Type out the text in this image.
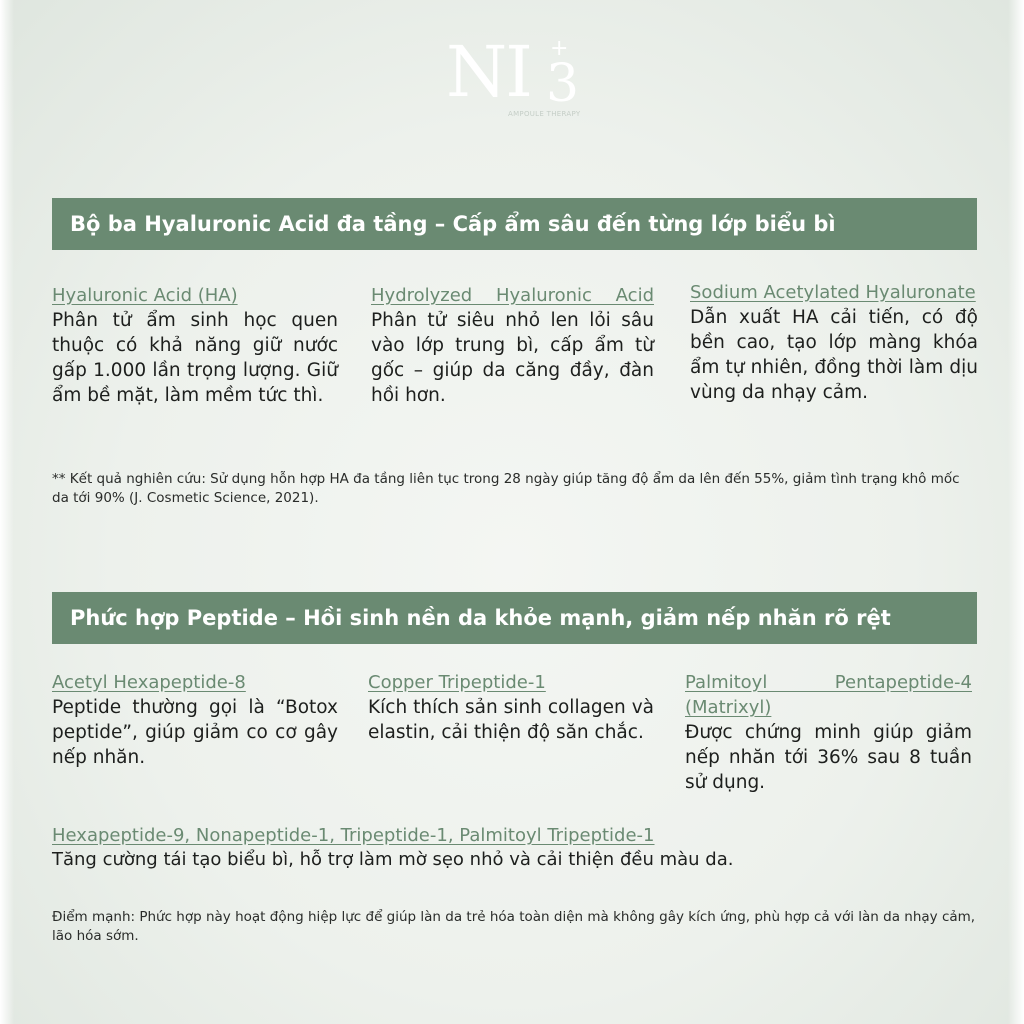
NI +
3
AMPOULE THERAPY
Bộ ba Hyaluronic Acid đa tầng – Cấp ẩm sâu đến từng lớp biểu bì
Hyaluronic Acid (HA)
Phân tử ẩm sinh học quen thuộc có khả năng giữ nước gấp 1.000 lần trọng lượng. Giữ ẩm bề mặt, làm mềm tức thì.
Hydrolyzed Hyaluronic Acid
Phân tử siêu nhỏ len lỏi sâu vào lớp trung bì, cấp ẩm từ gốc – giúp da căng đầy, đàn hồi hơn.
Sodium Acetylated Hyaluronate
Dẫn xuất HA cải tiến, có độ bền cao, tạo lớp màng khóa ẩm tự nhiên, đồng thời làm dịu vùng da nhạy cảm.
** Kết quả nghiên cứu: Sử dụng hỗn hợp HA đa tầng liên tục trong 28 ngày giúp tăng độ ẩm da lên đến 55%, giảm tình trạng khô mốc da tới 90% (J. Cosmetic Science, 2021).
Phức hợp Peptide – Hồi sinh nền da khỏe mạnh, giảm nếp nhăn rõ rệt
Acetyl Hexapeptide-8
Peptide thường gọi là “Botox peptide”, giúp giảm co cơ gây nếp nhăn.
Copper Tripeptide-1
Kích thích sản sinh collagen và elastin, cải thiện độ săn chắc.
Palmitoyl Pentapeptide-4 (Matrixyl)
Được chứng minh giúp giảm nếp nhăn tới 36% sau 8 tuần sử dụng.
Hexapeptide-9, Nonapeptide-1, Tripeptide-1, Palmitoyl Tripeptide-1
Tăng cường tái tạo biểu bì, hỗ trợ làm mờ sẹo nhỏ và cải thiện đều màu da.
Điểm mạnh: Phức hợp này hoạt động hiệp lực để giúp làn da trẻ hóa toàn diện mà không gây kích ứng, phù hợp cả với làn da nhạy cảm, lão hóa sớm.
